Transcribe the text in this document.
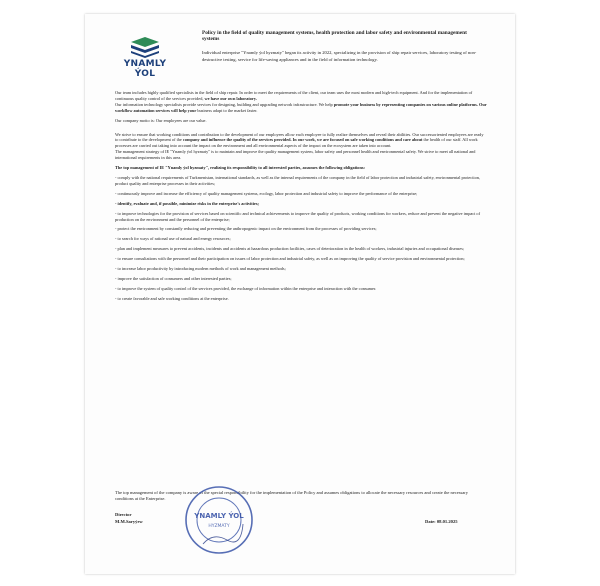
YNAMLY ÝOL
Policy in the field of quality management systems, health protection and labor safety and environmental management systems
Individual enterprise "Ynamly ýol hyzmaty" began its activity in 2022, specializing in the provision of ship repair services, laboratory testing of non-destructive testing, service for life-saving appliances and in the field of information technology.

Our team includes highly qualified specialists in the field of ship repair. In order to meet the requirements of the client, our team uses the most modern and high-tech equipment. And for the implementation of continuous quality control of the services provided, we have our own laboratory.
Our information technology specialists provide services for designing, building and upgrading network infrastructure. We help promote your business by representing companies on various online platforms. Our workflow automation services will help your business adapt to the market faster.

Our company motto is: Our employees are our value.

We strive to ensure that working conditions and contribution to the development of our employees allow each employee to fully realize themselves and reveal their abilities. Our successoriented employees are ready to contribute to the development of the company and influence the quality of the services provided. In our work, we are focused on safe working conditions and care about the health of our staff. All work processes are carried out taking into account the impact on the environment and all environmental aspects of the impact on the ecosystem are taken into account.
The management strategy of IE "Ynamly ýol hyzmaty" is to maintain and improve the quality management system, labor safety and personnel health and environmental safety. We strive to meet all national and international requirements in this area.

The top management of IE "Ynamly ýol hyzmaty", realizing its responsibility to all interested parties, assumes the following obligations:

- comply with the national requirements of Turkmenistan, international standards, as well as the internal requirements of the company in the field of labor protection and industrial safety, environmental protection, product quality and enterprise processes in their activities;

- continuously improve and increase the efficiency of quality management systems, ecology, labor protection and industrial safety to improve the performance of the enterprise;

- identify, evaluate and, if possible, minimize risks in the enterprise's activities;

- to improve technologies for the provision of services based on scientific and technical achievements to improve the quality of products, working conditions for workers, reduce and prevent the negative impact of production on the environment and the personnel of the enterprise;

- protect the environment by constantly reducing and preventing the anthropogenic impact on the environment from the processes of providing services;

- to search for ways of rational use of natural and energy resources;

- plan and implement measures to prevent accidents, incidents and accidents at hazardous production facilities, cases of deterioration in the health of workers, industrial injuries and occupational diseases;

- to ensure consultations with the personnel and their participation on issues of labor protection and industrial safety, as well as on improving the quality of service provision and environmental protection;

- to increase labor productivity by introducing modern methods of work and management methods;

- improve the satisfaction of consumers and other interested parties;

- to improve the system of quality control of the services provided, the exchange of information within the enterprise and interaction with the consumer.

- to create favorable and safe working conditions at the enterprise.

The top management of the company is aware of the special responsibility for the implementation of the Policy and assumes obligations to allocate the necessary resources and create the necessary conditions at the Enterprise.
Director
M.M.Saryýew
YNAMLY ÝOL
HYZMATY
Date: 08.01.2025
